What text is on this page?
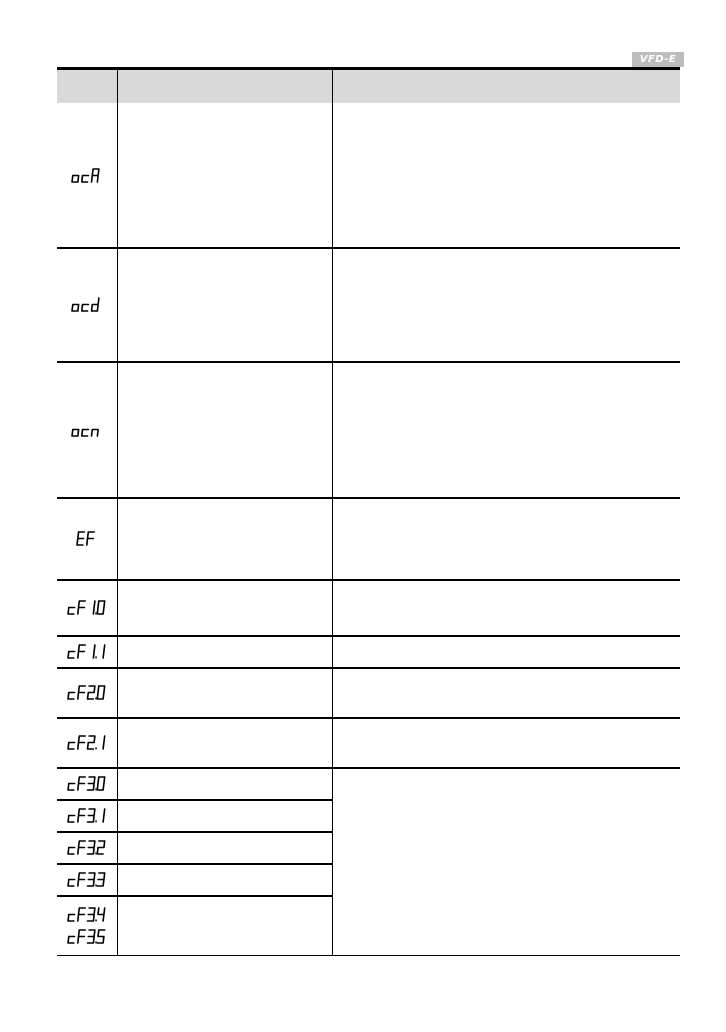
VFD-E
